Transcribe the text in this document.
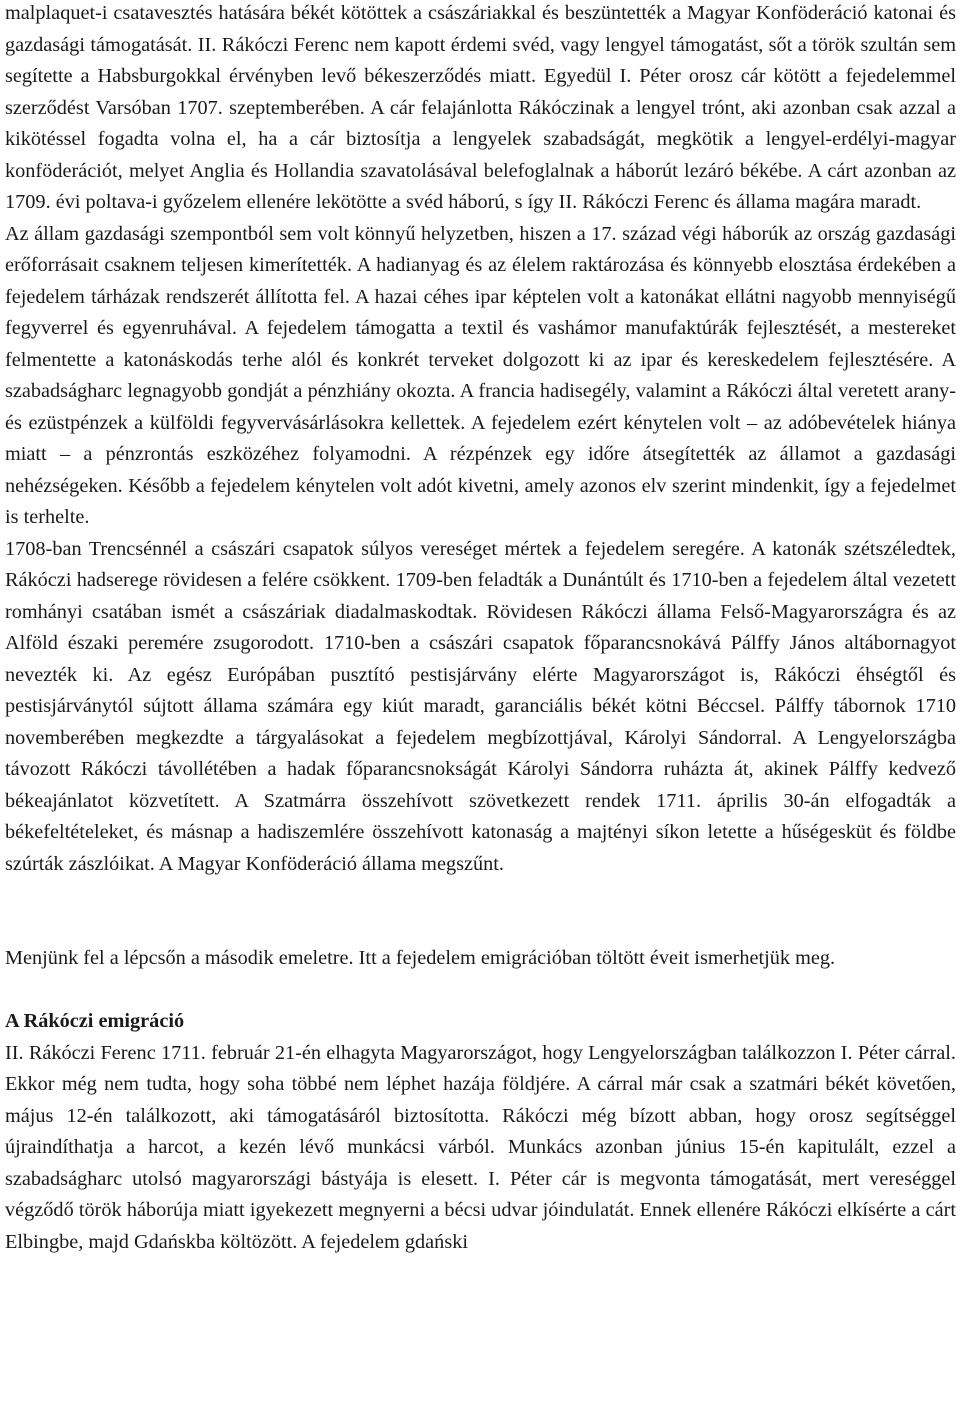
malplaquet-i csatavesztés hatására békét kötöttek a császáriakkal és beszüntették a Magyar Konföderáció katonai és gazdasági támogatását. II. Rákóczi Ferenc nem kapott érdemi svéd, vagy lengyel támogatást, sőt a török szultán sem segítette a Habsburgokkal érvényben levő békeszerződés miatt. Egyedül I. Péter orosz cár kötött a fejedelemmel szerződést Varsóban 1707. szeptemberében. A cár felajánlotta Rákóczinak a lengyel trónt, aki azonban csak azzal a kikötéssel fogadta volna el, ha a cár biztosítja a lengyelek szabadságát, megkötik a lengyel-erdélyi-magyar konföderációt, melyet Anglia és Hollandia szavatolásával belefoglalnak a háborút lezáró békébe. A cárt azonban az 1709. évi poltava-i győzelem ellenére lekötötte a svéd háború, s így II. Rákóczi Ferenc és állama magára maradt.

Az állam gazdasági szempontból sem volt könnyű helyzetben, hiszen a 17. század végi háborúk az ország gazdasági erőforrásait csaknem teljesen kimerítették. A hadianyag és az élelem raktározása és könnyebb elosztása érdekében a fejedelem tárházak rendszerét állította fel. A hazai céhes ipar képtelen volt a katonákat ellátni nagyobb mennyiségű fegyverrel és egyenruhával. A fejedelem támogatta a textil és vashámor manufaktúrák fejlesztését, a mestereket felmentette a katonáskodás terhe alól és konkrét terveket dolgozott ki az ipar és kereskedelem fejlesztésére. A szabadságharc legnagyobb gondját a pénzhiány okozta. A francia hadisegély, valamint a Rákóczi által veretett arany- és ezüstpénzek a külföldi fegyvervásárlásokra kellettek. A fejedelem ezért kénytelen volt – az adóbevételek hiánya miatt – a pénzrontás eszközéhez folyamodni. A rézpénzek egy időre átsegítették az államot a gazdasági nehézségeken. Később a fejedelem kénytelen volt adót kivetni, amely azonos elv szerint mindenkit, így a fejedelmet is terhelte.

1708-ban Trencsénnél a császári csapatok súlyos vereséget mértek a fejedelem seregére. A katonák szétszéledtek, Rákóczi hadserege rövidesen a felére csökkent. 1709-ben feladták a Dunántúlt és 1710-ben a fejedelem által vezetett romhányi csatában ismét a császáriak diadalmaskodtak. Rövidesen Rákóczi állama Felső-Magyarországra és az Alföld északi peremére zsugorodott. 1710-ben a császári csapatok főparancsnokává Pálffy János altábornagyot nevezték ki. Az egész Európában pusztító pestisjárvány elérte Magyarországot is, Rákóczi éhségtől és pestisjárványtól sújtott állama számára egy kiút maradt, garanciális békét kötni Béccsel. Pálffy tábornok 1710 novemberében megkezdte a tárgyalásokat a fejedelem megbízottjával, Károlyi Sándorral. A Lengyelországba távozott Rákóczi távollétében a hadak főparancsnokságát Károlyi Sándorra ruházta át, akinek Pálffy kedvező békeajánlatot közvetített. A Szatmárra összehívott szövetkezett rendek 1711. április 30-án elfogadták a békefeltételeket, és másnap a hadiszemlére összehívott katonaság a majtényi síkon letette a hűségesküt és földbe szúrták zászlóikat. A Magyar Konföderáció állama megszűnt.

Menjünk fel a lépcsőn a második emeletre. Itt a fejedelem emigrációban töltött éveit ismerhetjük meg.

A Rákóczi emigráció

II. Rákóczi Ferenc 1711. február 21-én elhagyta Magyarországot, hogy Lengyelországban találkozzon I. Péter cárral. Ekkor még nem tudta, hogy soha többé nem léphet hazája földjére. A cárral már csak a szatmári békét követően, május 12-én találkozott, aki támogatásáról biztosította. Rákóczi még bízott abban, hogy orosz segítséggel újraindíthatja a harcot, a kezén lévő munkácsi várból. Munkács azonban június 15-én kapitulált, ezzel a szabadságharc utolsó magyarországi bástyája is elesett. I. Péter cár is megvonta támogatását, mert vereséggel végződő török háborúja miatt igyekezett megnyerni a bécsi udvar jóindulatát. Ennek ellenére Rákóczi elkísérte a cárt Elbingbe, majd Gdańskba költözött. A fejedelem gdański
